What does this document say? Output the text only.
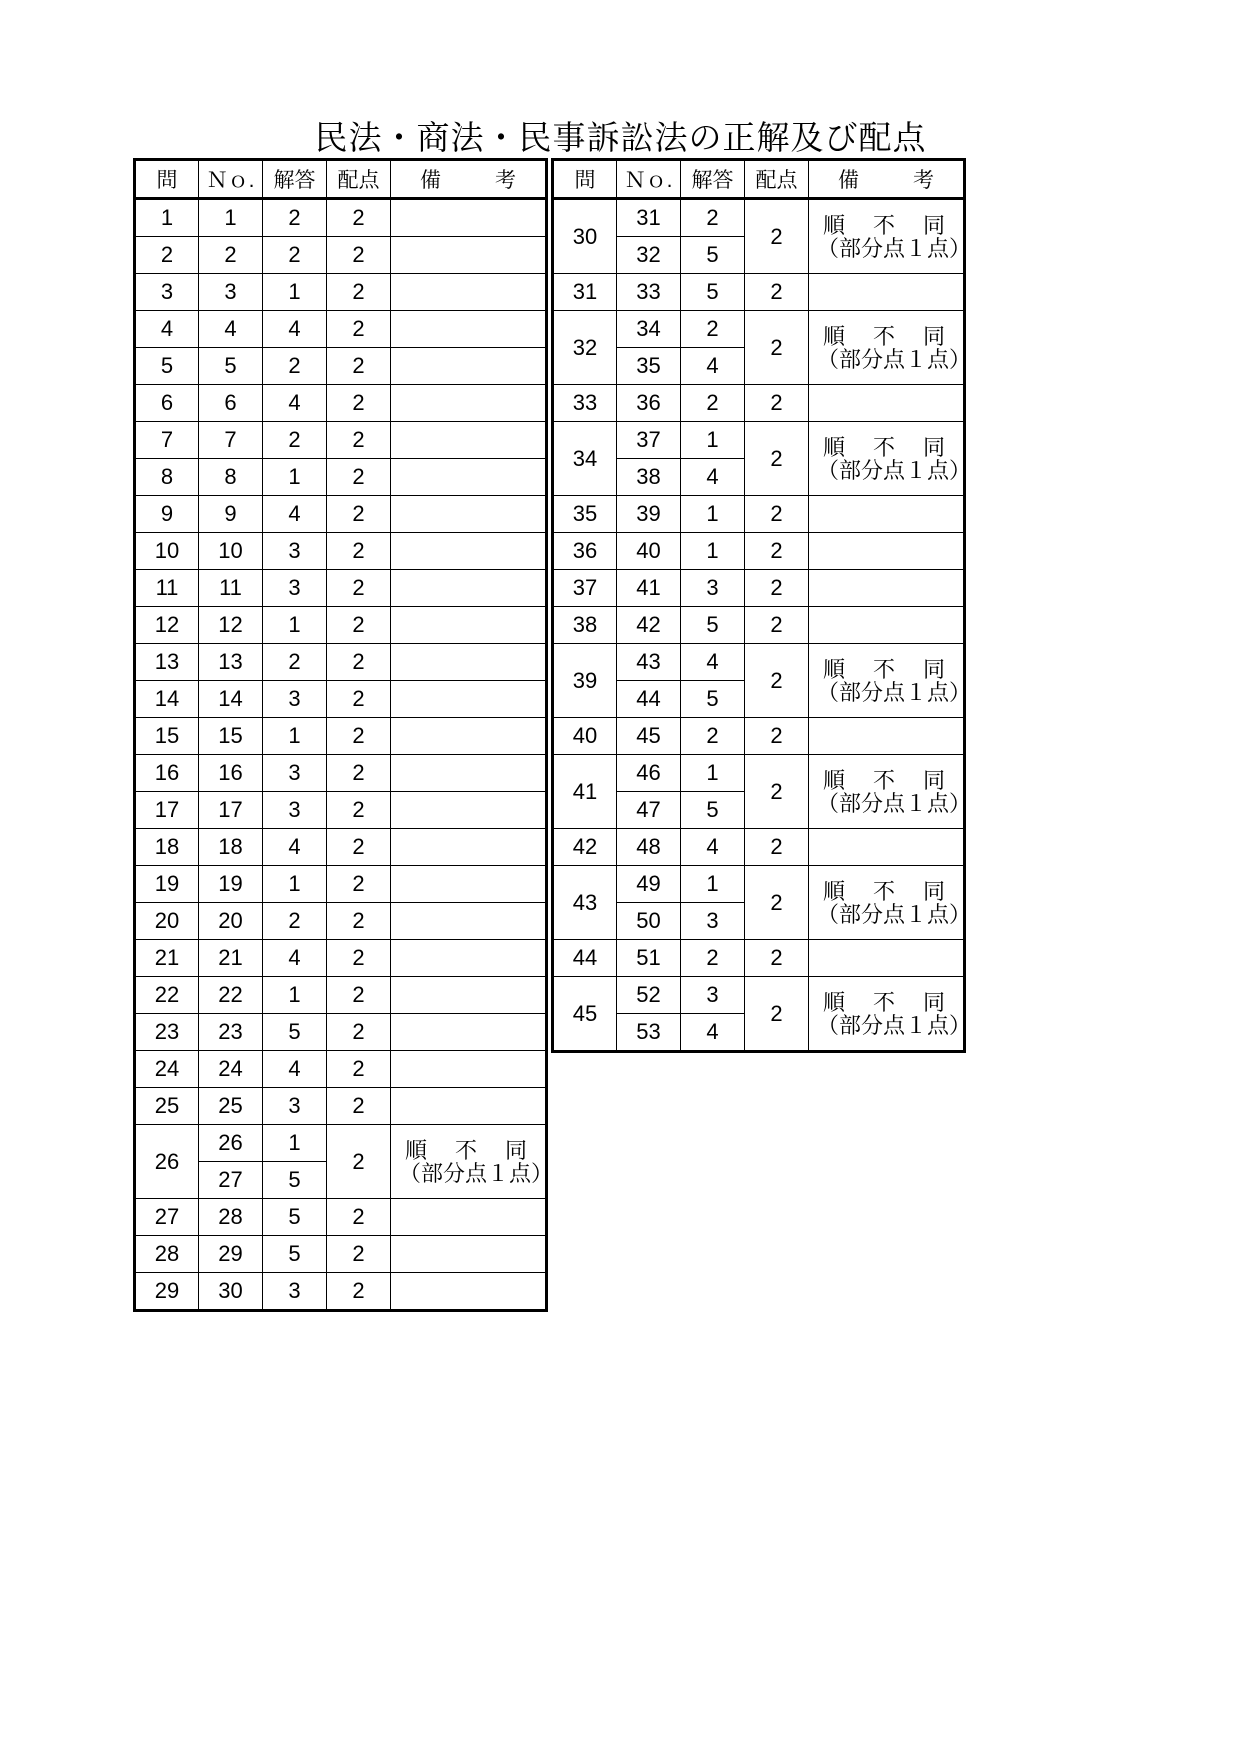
民法・商法・民事訴訟法の正解及び配点
問	Ｎｏ.	解答	配点	備 考
1	1	2	2	
2	2	2	2	
3	3	1	2	
4	4	4	2	
5	5	2	2	
6	6	4	2	
7	7	2	2	
8	8	1	2	
9	9	4	2	
10	10	3	2	
11	11	3	2	
12	12	1	2	
13	13	2	2	
14	14	3	2	
15	15	1	2	
16	16	3	2	
17	17	3	2	
18	18	4	2	
19	19	1	2	
20	20	2	2	
21	21	4	2	
22	22	1	2	
23	23	5	2	
24	24	4	2	
25	25	3	2	
26	26	1	2	順 不 同
（部分点１点）

	27	5		
27	28	5	2	
28	29	5	2	
29	30	3	2	
問	Ｎｏ.	解答	配点	備 考
30	31	2	2	順 不 同
（部分点１点）

	32	5		
31	33	5	2	
32	34	2	2	順 不 同
（部分点１点）

	35	4		
33	36	2	2	
34	37	1	2	順 不 同
（部分点１点）

	38	4		
35	39	1	2	
36	40	1	2	
37	41	3	2	
38	42	5	2	
39	43	4	2	順 不 同
（部分点１点）

	44	5		
40	45	2	2	
41	46	1	2	順 不 同
（部分点１点）

	47	5		
42	48	4	2	
43	49	1	2	順 不 同
（部分点１点）

	50	3		
44	51	2	2	
45	52	3	2	順 不 同
（部分点１点）

	53	4		
